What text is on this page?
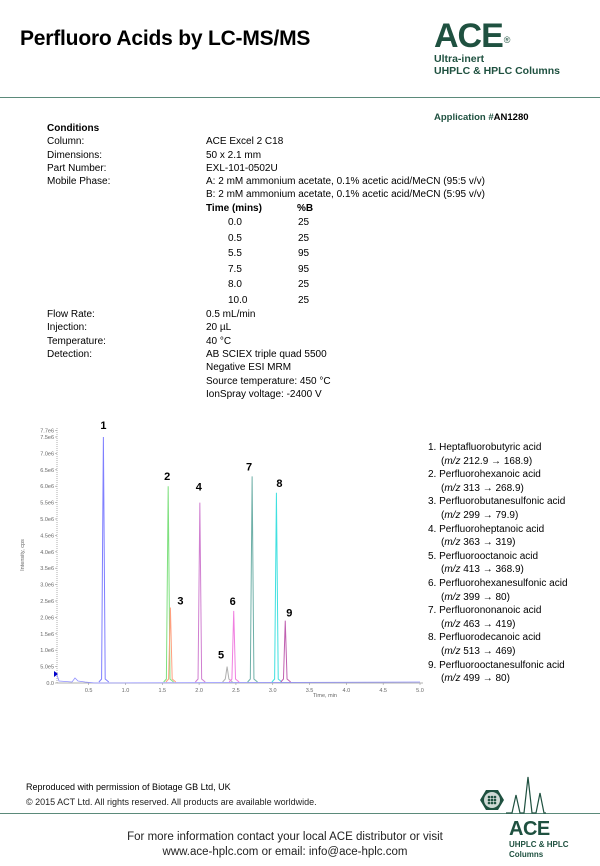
Perfluoro Acids by LC-MS/MS	ACE®
Ultra-inert
UHPLC & HPLC Columns
Application #AN1280
Conditions
Column:	ACE Excel 2 C18
Dimensions:	50 x 2.1 mm
Part Number:	EXL-101-0502U
Mobile Phase:	A: 2 mM ammonium acetate, 0.1% acetic acid/MeCN (95:5 v/v)
B: 2 mM ammonium acetate, 0.1% acetic acid/MeCN (5:95 v/v)
Time (mins)	%B
0.0	25
0.5	25
5.5	95
7.5	95
8.0	25
10.0	25
Flow Rate:	0.5 mL/min
Injection:	20 µL
Temperature:	40 °C
Detection:	AB SCIEX triple quad 5500
Negative ESI MRM
Source temperature: 450 °C
IonSpray voltage: -2400 V
0.0
5.0e5
1.0e6
1.5e6
2.0e6
2.5e6
3.0e6
3.5e6
4.0e6
4.5e6
5.0e6
5.5e6
6.0e6
6.5e6
7.0e6
7.5e6
7.7e6
0.5	1.0	1.5	2.0	2.5	3.0	3.5	4.0	4.5	5.0
Time, min
Intensity, cps
1
2
3
4
5
6
7
8
9
1. Heptafluorobutyric acid
(m/z 212.9 → 168.9)
2. Perfluorohexanoic acid
(m/z 313 → 268.9)
3. Perfluorobutanesulfonic acid
(m/z 299 → 79.9)
4. Perfluoroheptanoic acid
(m/z 363 → 319)
5. Perfluorooctanoic acid
(m/z 413 → 368.9)
6. Perfluorohexanesulfonic acid
(m/z 399 → 80)
7. Perfluorononanoic acid
(m/z 463 → 419)
8. Perfluorodecanoic acid
(m/z 513 → 469)
9. Perfluorooctanesulfonic acid
(m/z 499 → 80)
Reproduced with permission of Biotage GB Ltd, UK
© 2015 ACT Ltd. All rights reserved. All products are available worldwide.
For more information contact your local ACE distributor or visit
www.ace-hplc.com or email: info@ace-hplc.com
ACE
UHPLC & HPLC
Columns
